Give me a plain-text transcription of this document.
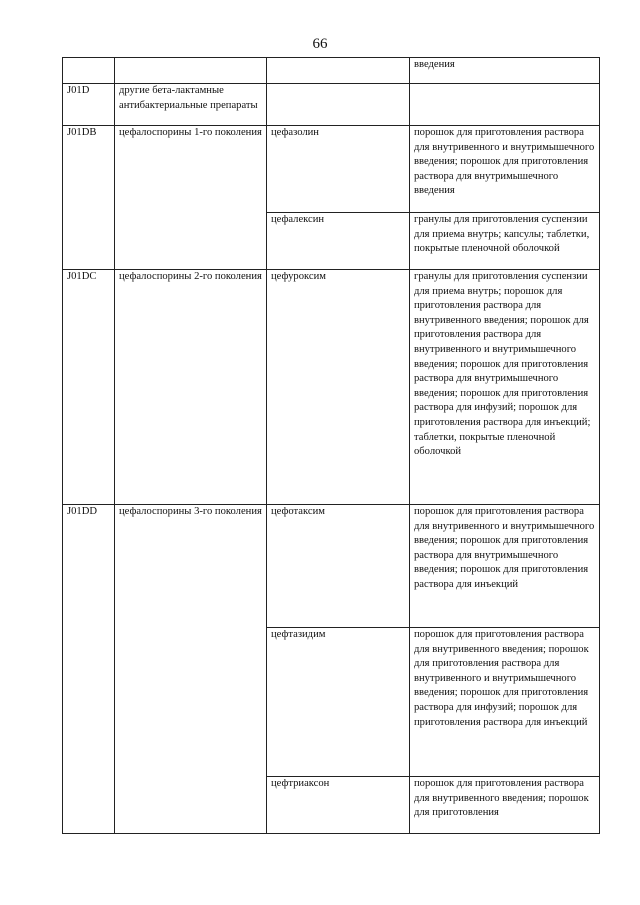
66
			введения
J01D	другие бета-лактамные антибактериальные препараты		
J01DB	цефалоспорины 1-го поколения	цефазолин	порошок для приготовления раствора для внутривенного и внутримышечного введения; порошок для приготовления раствора для внутримышечного введения
		цефалексин	гранулы для приготовления суспензии для приема внутрь; капсулы; таблетки, покрытые пленочной оболочкой
J01DC	цефалоспорины 2-го поколения	цефуроксим	гранулы для приготовления суспензии для приема внутрь; порошок для приготовления раствора для внутривенного введения; порошок для приготовления раствора для внутривенного и внутримышечного введения; порошок для приготовления раствора для внутримышечного введения; порошок для приготовления раствора для инфузий; порошок для приготовления раствора для инъекций; таблетки, покрытые пленочной оболочкой
J01DD	цефалоспорины 3-го поколения	цефотаксим	порошок для приготовления раствора для внутривенного и внутримышечного введения; порошок для приготовления раствора для внутримышечного введения; порошок для приготовления раствора для инъекций
		цефтазидим	порошок для приготовления раствора для внутривенного введения; порошок для приготовления раствора для внутривенного и внутримышечного введения; порошок для приготовления раствора для инфузий; порошок для приготовления раствора для инъекций
		цефтриаксон	порошок для приготовления раствора для внутривенного введения; порошок для приготовления
